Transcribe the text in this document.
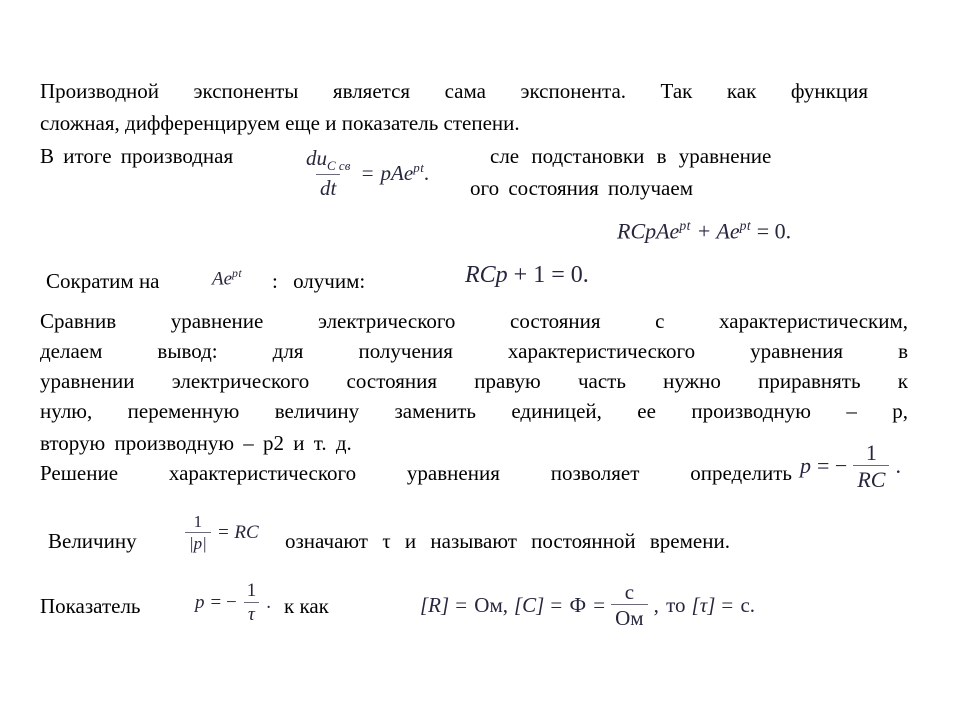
Производной экспоненты является сама экспонента. Так как функция
сложная, дифференцируем еще и показатель степени.
В итоге производная	сле подстановки в уравнение
ого состояния получаем
$\frac{du_{C св}}{dt} = pAe^{pt}$.
RCpAe$^{pt}$ + $Ae^{pt} = 0$.
Сократим на	$Ae^{pt}$ : олучим:	RCp + 1 = 0.
Сравнив уравнение электрического состояния с характеристическим,
делаем вывод: для получения характеристического уравнения в
уравнении электрического состояния правую часть нужно приравнять к
нулю, переменную величину заменить единицей, ее производную – p,
вторую производную – p2 и т. д.
Решение характеристического уравнения позволяет определить p = − $\frac{1}{RC}$ .
Величину	$\frac{1}{|p|}$ = RC означают τ и называют постоянной времени.
Показатель	p = − $\frac{1}{\tau}$ . к как	[R] = Ом, $[C] = Ф = \frac{с}{Ом}$ , то [τ] = с.
